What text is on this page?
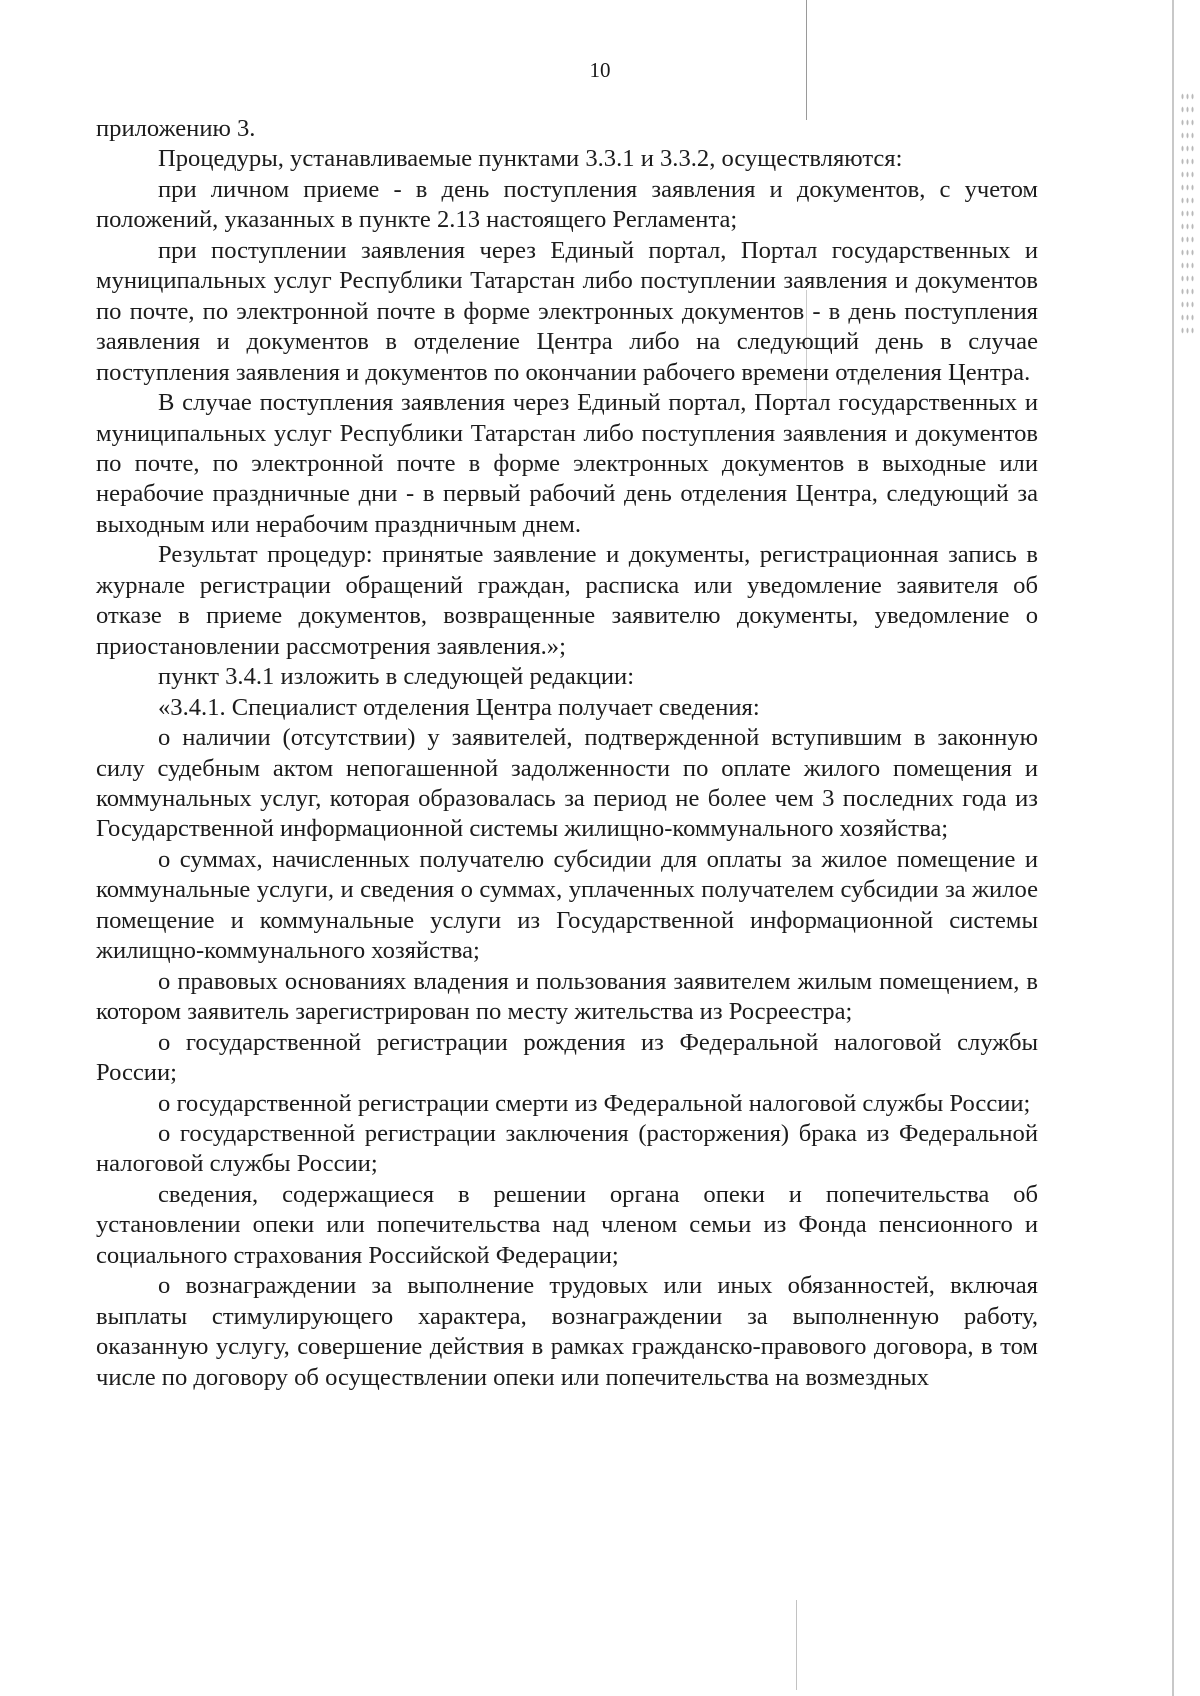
10

приложению 3.

Процедуры, устанавливаемые пунктами 3.3.1 и 3.3.2, осуществляются:

при личном приеме - в день поступления заявления и документов, с учетом положений, указанных в пункте 2.13 настоящего Регламента;

при поступлении заявления через Единый портал, Портал государственных и муниципальных услуг Республики Татарстан либо поступлении заявления и документов по почте, по электронной почте в форме электронных документов - в день поступления заявления и документов в отделение Центра либо на следующий день в случае поступления заявления и документов по окончании рабочего времени отделения Центра.

В случае поступления заявления через Единый портал, Портал государственных и муниципальных услуг Республики Татарстан либо поступления заявления и документов по почте, по электронной почте в форме электронных документов в выходные или нерабочие праздничные дни - в первый рабочий день отделения Центра, следующий за выходным или нерабочим праздничным днем.

Результат процедур: принятые заявление и документы, регистрационная запись в журнале регистрации обращений граждан, расписка или уведомление заявителя об отказе в приеме документов, возвращенные заявителю документы, уведомление о приостановлении рассмотрения заявления.»;

пункт 3.4.1 изложить в следующей редакции:

«3.4.1. Специалист отделения Центра получает сведения:

о наличии (отсутствии) у заявителей, подтвержденной вступившим в законную силу судебным актом непогашенной задолженности по оплате жилого помещения и коммунальных услуг, которая образовалась за период не более чем 3 последних года из Государственной информационной системы жилищно-коммунального хозяйства;

о суммах, начисленных получателю субсидии для оплаты за жилое помещение и коммунальные услуги, и сведения о суммах, уплаченных получателем субсидии за жилое помещение и коммунальные услуги из Государственной информационной системы жилищно-коммунального хозяйства;

о правовых основаниях владения и пользования заявителем жилым помещением, в котором заявитель зарегистрирован по месту жительства из Росреестра;

о государственной регистрации рождения из Федеральной налоговой службы России;

о государственной регистрации смерти из Федеральной налоговой службы России;

о государственной регистрации заключения (расторжения) брака из Федеральной налоговой службы России;

сведения, содержащиеся в решении органа опеки и попечительства об установлении опеки или попечительства над членом семьи из Фонда пенсионного и социального страхования Российской Федерации;

о вознаграждении за выполнение трудовых или иных обязанностей, включая выплаты стимулирующего характера, вознаграждении за выполненную работу, оказанную услугу, совершение действия в рамках гражданско-правового договора, в том числе по договору об осуществлении опеки или попечительства на возмездных
